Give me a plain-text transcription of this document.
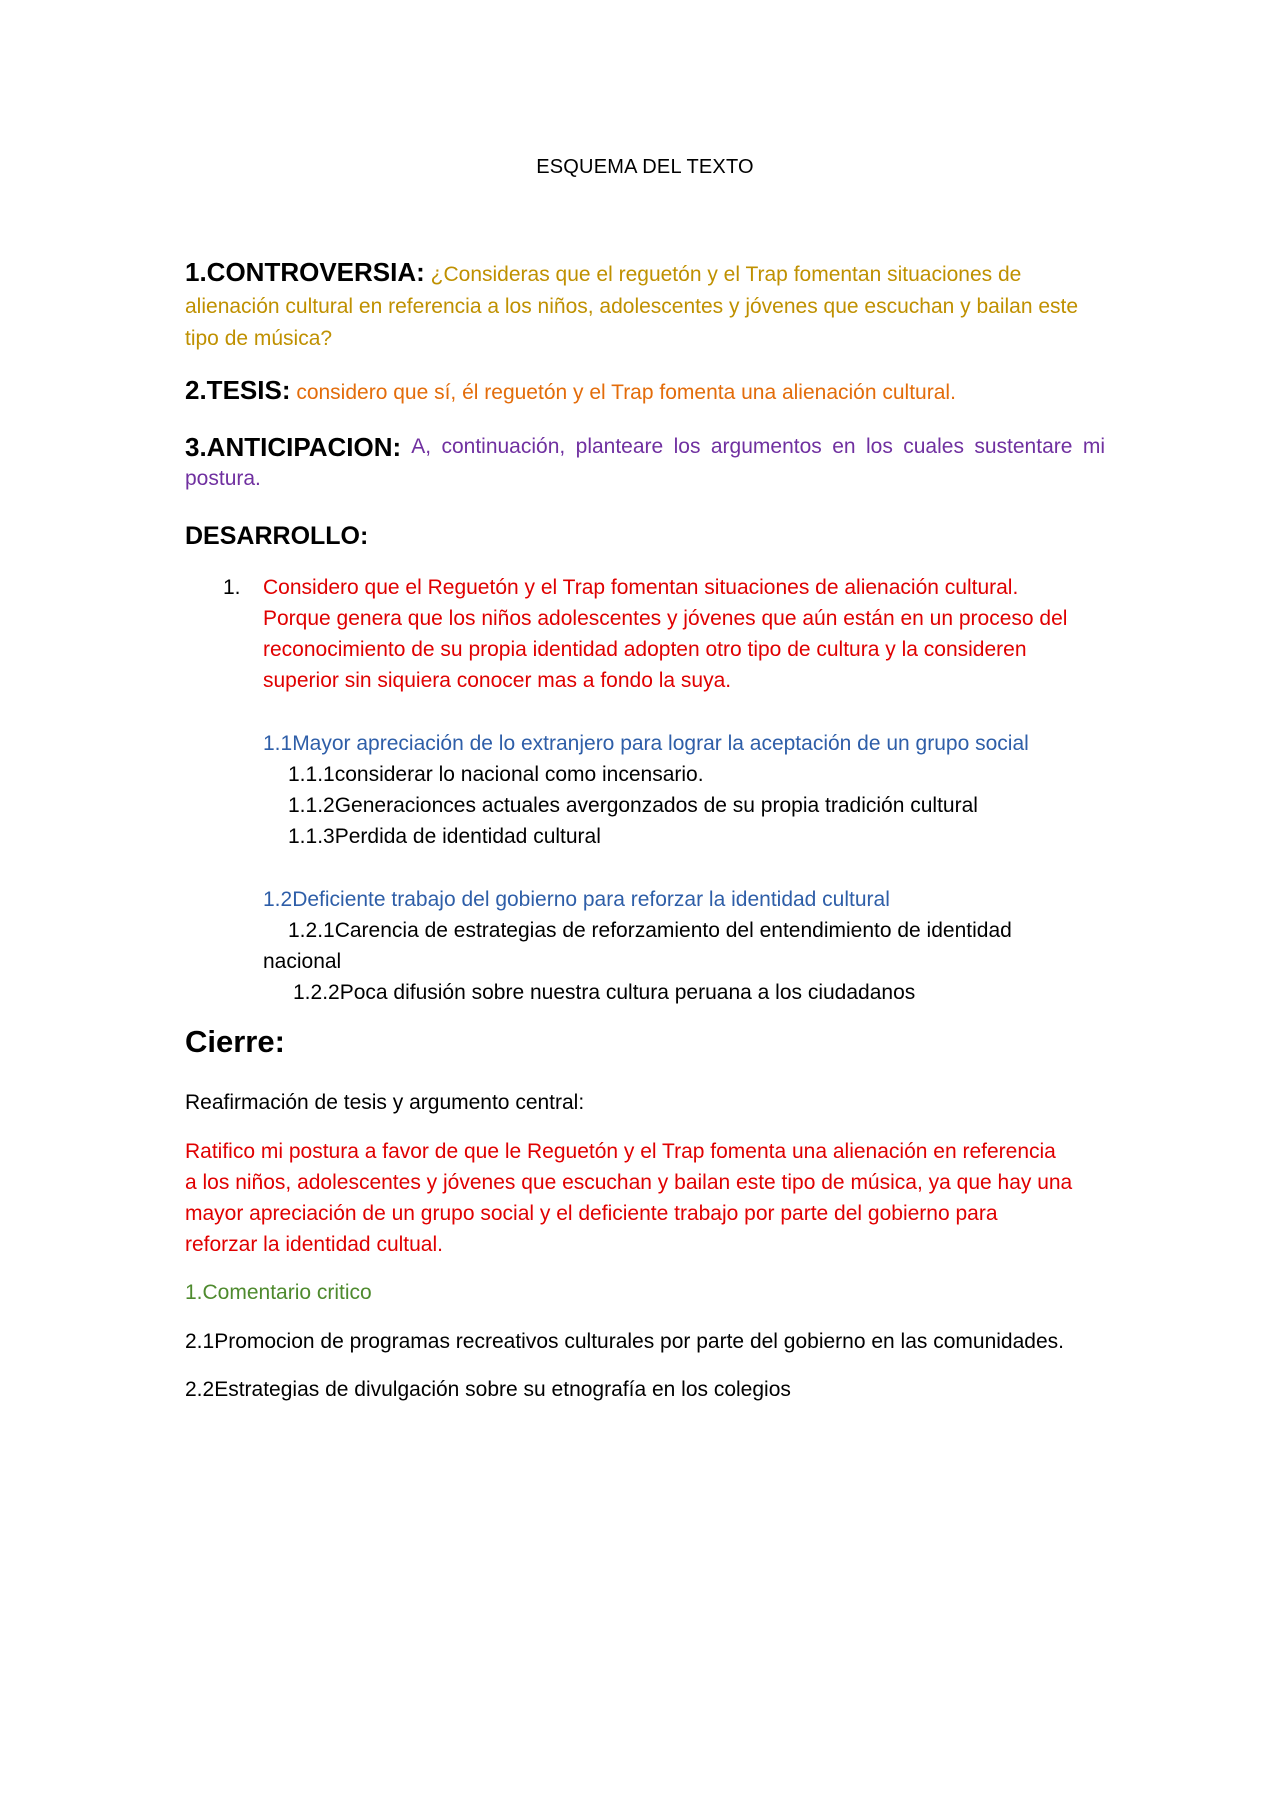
ESQUEMA DEL TEXTO
1.CONTROVERSIA: ¿Consideras que el reguetón y el Trap fomentan situaciones de
alienación cultural en referencia a los niños, adolescentes y jóvenes que escuchan y bailan este
tipo de música?
2.TESIS: considero que sí, él reguetón y el Trap fomenta una alienación cultural.
3.ANTICIPACION: A, continuación, planteare los argumentos en los cuales sustentare mi
postura.
DESARROLLO:
1. Considero que el Reguetón y el Trap fomentan situaciones de alienación cultural.
Porque genera que los niños adolescentes y jóvenes que aún están en un proceso del
reconocimiento de su propia identidad adopten otro tipo de cultura y la consideren
superior sin siquiera conocer mas a fondo la suya.
1.1Mayor apreciación de lo extranjero para lograr la aceptación de un grupo social
1.1.1considerar lo nacional como incensario.
1.1.2Generacionces actuales avergonzados de su propia tradición cultural
1.1.3Perdida de identidad cultural
1.2Deficiente trabajo del gobierno para reforzar la identidad cultural
1.2.1Carencia de estrategias de reforzamiento del entendimiento de identidad
nacional
1.2.2Poca difusión sobre nuestra cultura peruana a los ciudadanos
Cierre:
Reafirmación de tesis y argumento central:
Ratifico mi postura a favor de que le Reguetón y el Trap fomenta una alienación en referencia
a los niños, adolescentes y jóvenes que escuchan y bailan este tipo de música, ya que hay una
mayor apreciación de un grupo social y el deficiente trabajo por parte del gobierno para
reforzar la identidad cultual.
1.Comentario critico
2.1Promocion de programas recreativos culturales por parte del gobierno en las comunidades.
2.2Estrategias de divulgación sobre su etnografía en los colegios
